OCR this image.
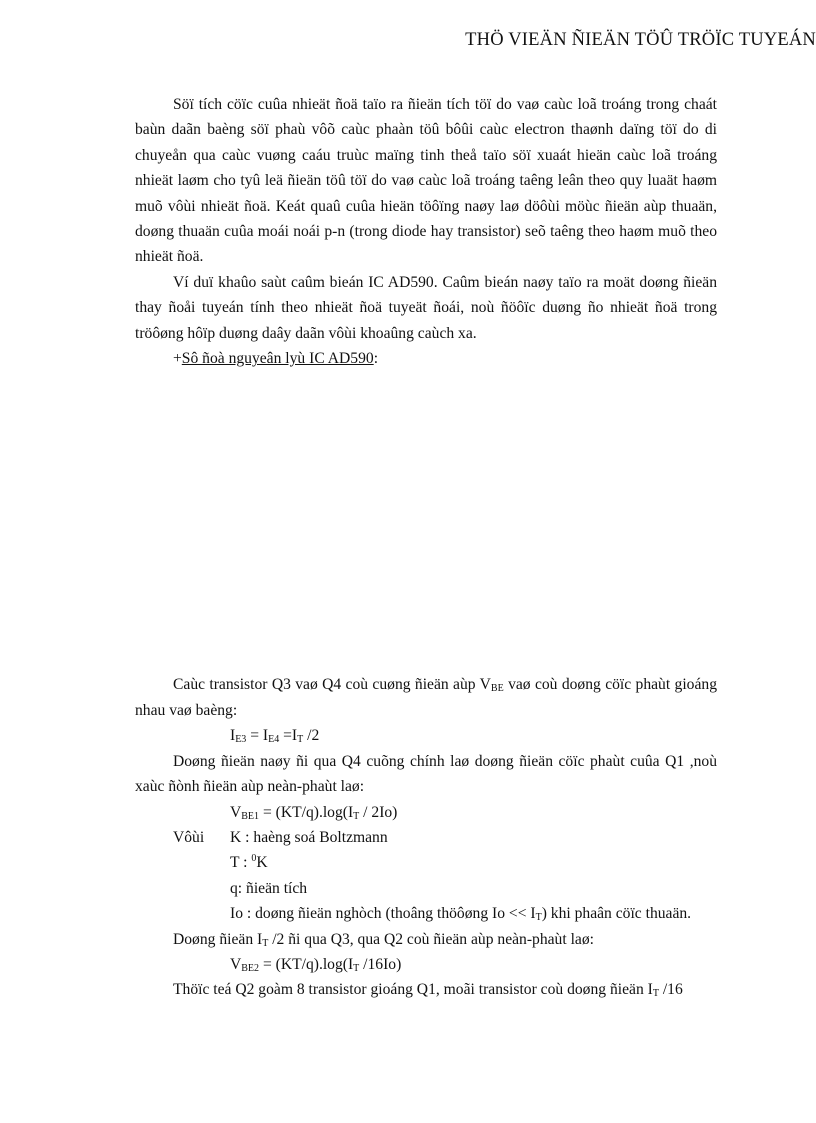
THÖ VIEÄN ÑIEÄN TÖÛ TRÖÏC TUYEÁN

Söï tích cöïc cuûa nhieät ñoä taïo ra ñieän tích töï do vaø caùc loã troáng trong chaát baùn daãn baèng söï phaù vôõ caùc phaàn töû bôûi caùc electron thaønh daïng töï do di chuyeån qua caùc vuøng caáu truùc maïng tinh theå taïo söï xuaát hieän caùc loã troáng nhieät laøm cho tyû leä ñieän töû töï do vaø caùc loã troáng taêng leân theo quy luaät haøm muõ vôùi nhieät ñoä. Keát quaû cuûa hieän töôïng naøy laø döôùi möùc ñieän aùp thuaän, doøng thuaän cuûa moái noái p-n (trong diode hay transistor) seõ taêng theo haøm muõ theo nhieät ñoä.

Ví duï khaûo saùt caûm bieán IC AD590. Caûm bieán naøy taïo ra moät doøng ñieän thay ñoåi tuyeán tính theo nhieät ñoä tuyeät ñoái, noù ñöôïc duøng ño nhieät ñoä trong tröôøng hôïp duøng daây daãn vôùi khoaûng caùch xa.

+Sô ñoà nguyeân lyù IC AD590:

Caùc transistor Q3 vaø Q4 coù cuøng ñieän aùp $V_{BE}$ vaø coù doøng cöïc phaùt gioáng nhau vaø baèng:

$I_{E3} = I_{E4} =I_T$ /2

Doøng ñieän naøy ñi qua Q4 cuõng chính laø doøng ñieän cöïc phaùt cuûa Q1 ,noù xaùc ñònh ñieän aùp neàn-phaùt laø:

$V_{BE1} = (KT/q).\log(I_T / 2Io)$

Vôùi K : haèng soá Boltzmann

T : $^0$K

q: ñieän tích

Io : doøng ñieän nghòch (thoâng thöôøng $Io << I_T$) khi phaân cöïc thuaän.

Doøng ñieän $I_T$ /2 ñi qua Q3, qua Q2 coù ñieän aùp neàn-phaùt laø:

$V_{BE2} = (KT/q).\log(I_T$ /16Io)

Thöïc teá Q2 goàm 8 transistor gioáng Q1, moãi transistor coù doøng ñieän $I_T$ /16
